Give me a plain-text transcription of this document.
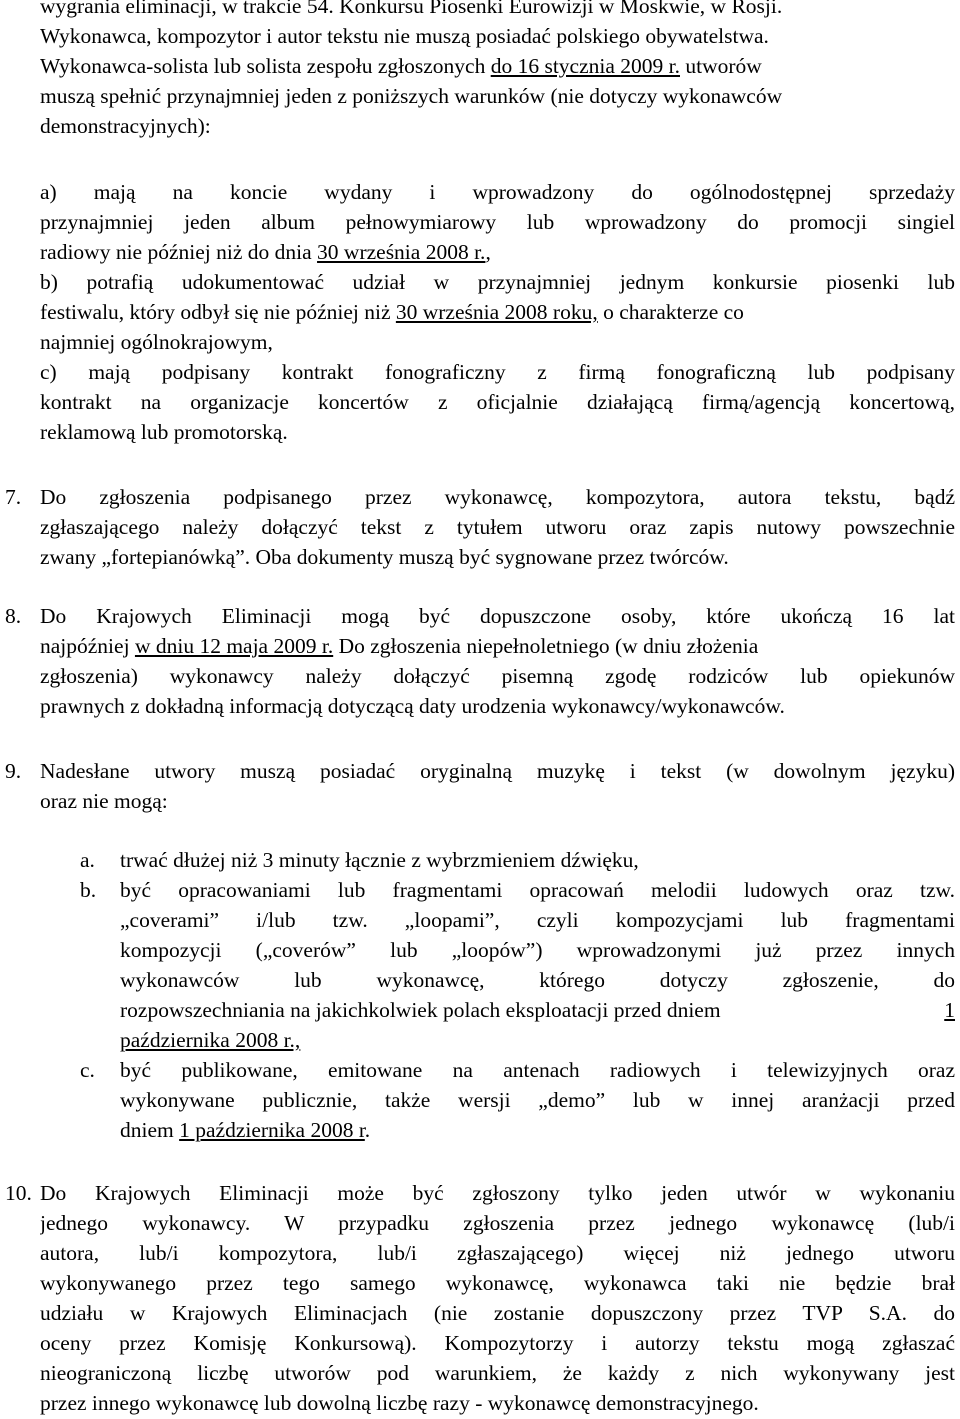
wygrania eliminacji, w trakcie 54. Konkursu Piosenki Eurowizji w Moskwie, w Rosji.

Wykonawca, kompozytor i autor tekstu nie muszą posiadać polskiego obywatelstwa.

Wykonawca-solista lub solista zespołu zgłoszonych do 16 stycznia 2009 r. utworów

muszą spełnić przynajmniej jeden z poniższych warunków (nie dotyczy wykonawców

demonstracyjnych):

a) mają na koncie wydany i wprowadzony do ogólnodostępnej sprzedaży

przynajmniej jeden album pełnowymiarowy lub wprowadzony do promocji singiel

radiowy nie później niż do dnia 30 września 2008 r.,

b) potrafią udokumentować udział w przynajmniej jednym konkursie piosenki lub

festiwalu, który odbył się nie później niż 30 września 2008 roku, o charakterze co

najmniej ogólnokrajowym,

c) mają podpisany kontrakt fonograficzny z firmą fonograficzną lub podpisany

kontrakt na organizacje koncertów z oficjalnie działającą firmą/agencją koncertową,

reklamową lub promotorską.

7. Do zgłoszenia podpisanego przez wykonawcę, kompozytora, autora tekstu, bądź

zgłaszającego należy dołączyć tekst z tytułem utworu oraz zapis nutowy powszechnie

zwany „fortepianówką”. Oba dokumenty muszą być sygnowane przez twórców.

8. Do Krajowych Eliminacji mogą być dopuszczone osoby, które ukończą 16 lat

najpóźniej w dniu 12 maja 2009 r. Do zgłoszenia niepełnoletniego (w dniu złożenia

zgłoszenia) wykonawcy należy dołączyć pisemną zgodę rodziców lub opiekunów

prawnych z dokładną informacją dotyczącą daty urodzenia wykonawcy/wykonawców.

9. Nadesłane utwory muszą posiadać oryginalną muzykę i tekst (w dowolnym języku)

oraz nie mogą:

a. trwać dłużej niż 3 minuty łącznie z wybrzmieniem dźwięku,

b. być opracowaniami lub fragmentami opracowań melodii ludowych oraz tzw.

„coverami” i/lub tzw. „loopami”, czyli kompozycjami lub fragmentami

kompozycji („coverów” lub „loopów”) wprowadzonymi już przez innych

wykonawców lub wykonawcę, którego dotyczy zgłoszenie, do

rozpowszechniania na jakichkolwiek polach eksploatacji przed dniem	1

października 2008 r.,

c. być publikowane, emitowane na antenach radiowych i telewizyjnych oraz

wykonywane publicznie, także wersji „demo” lub w innej aranżacji przed

dniem 1 października 2008 r.

10. Do Krajowych Eliminacji może być zgłoszony tylko jeden utwór w wykonaniu

jednego wykonawcy. W przypadku zgłoszenia przez jednego wykonawcę (lub/i

autora, lub/i kompozytora, lub/i zgłaszającego) więcej niż jednego utworu

wykonywanego przez tego samego wykonawcę, wykonawca taki nie będzie brał

udziału w Krajowych Eliminacjach (nie zostanie dopuszczony przez TVP S.A. do

oceny przez Komisję Konkursową). Kompozytorzy i autorzy tekstu mogą zgłaszać

nieograniczoną liczbę utworów pod warunkiem, że każdy z nich wykonywany jest

przez innego wykonawcę lub dowolną liczbę razy - wykonawcę demonstracyjnego.
